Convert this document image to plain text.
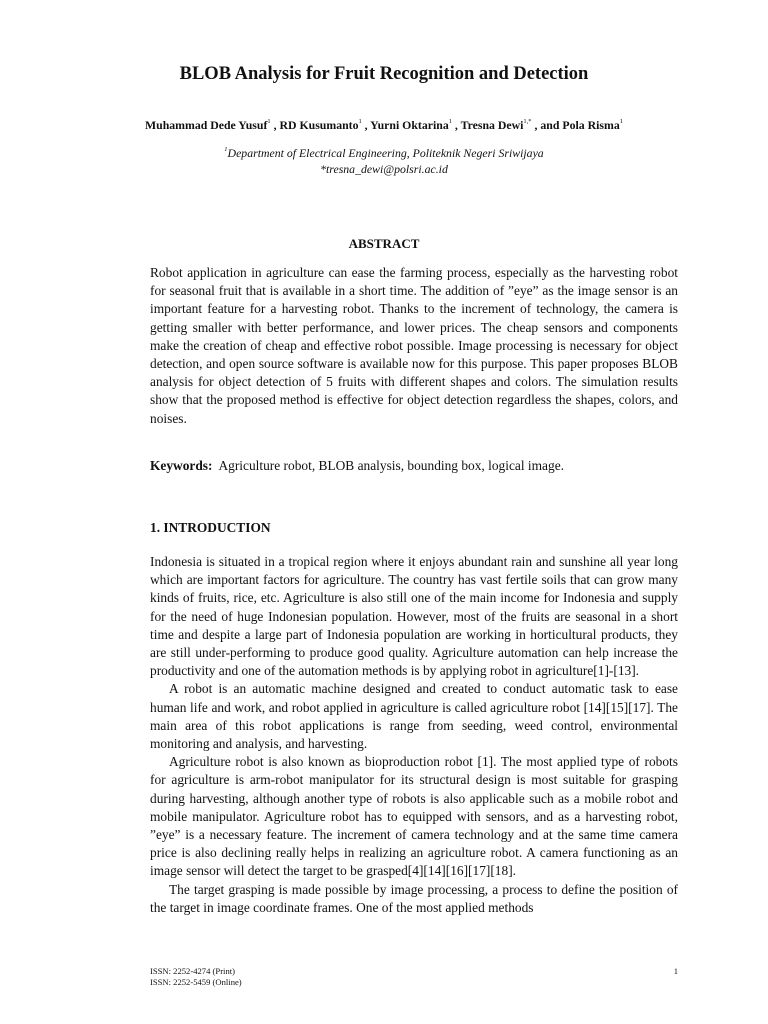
BLOB Analysis for Fruit Recognition and Detection
Muhammad Dede Yusuf$^1$ , RD Kusumanto$^1$ , Yurni Oktarina$^1$ , Tresna Dewi$^{1,*}$ , and Pola Risma$^1$
$^1$Department of Electrical Engineering, Politeknik Negeri Sriwijaya
*tresna_dewi@polsri.ac.id
ABSTRACT

Robot application in agriculture can ease the farming process, especially as the harvesting robot for seasonal fruit that is available in a short time. The addition of ”eye” as the image sensor is an important feature for a harvesting robot. Thanks to the increment of technology, the camera is getting smaller with better performance, and lower prices. The cheap sensors and components make the creation of cheap and effective robot possible. Image processing is necessary for object detection, and open source software is available now for this purpose. This paper proposes BLOB analysis for object detection of 5 fruits with different shapes and colors. The simulation results show that the proposed method is effective for object detection regardless the shapes, colors, and noises.

Keywords: Agriculture robot, BLOB analysis, bounding box, logical image.

1. INTRODUCTION

Indonesia is situated in a tropical region where it enjoys abundant rain and sunshine all year long which are important factors for agriculture. The country has vast fertile soils that can grow many kinds of fruits, rice, etc. Agriculture is also still one of the main income for Indonesia and supply for the need of huge Indonesian population. However, most of the fruits are seasonal in a short time and despite a large part of Indonesia population are working in horticultural products, they are still under-performing to produce good quality. Agriculture automation can help increase the productivity and one of the automation methods is by applying robot in agriculture[1]-[13].

A robot is an automatic machine designed and created to conduct automatic task to ease human life and work, and robot applied in agriculture is called agriculture robot [14][15][17]. The main area of this robot applications is range from seeding, weed control, environmental monitoring and analysis, and harvesting.

Agriculture robot is also known as bioproduction robot [1]. The most applied type of robots for agriculture is arm-robot manipulator for its structural design is most suitable for grasping during harvesting, although another type of robots is also applicable such as a mobile robot and mobile manipulator. Agriculture robot has to equipped with sensors, and as a harvesting robot, ”eye” is a necessary feature. The increment of camera technology and at the same time camera price is also declining really helps in realizing an agriculture robot. A camera functioning as an image sensor will detect the target to be grasped[4][14][16][17][18].

The target grasping is made possible by image processing, a process to define the position of the target in image coordinate frames. One of the most applied methods

ISSN: 2252-4274 (Print)
ISSN: 2252-5459 (Online)
1
